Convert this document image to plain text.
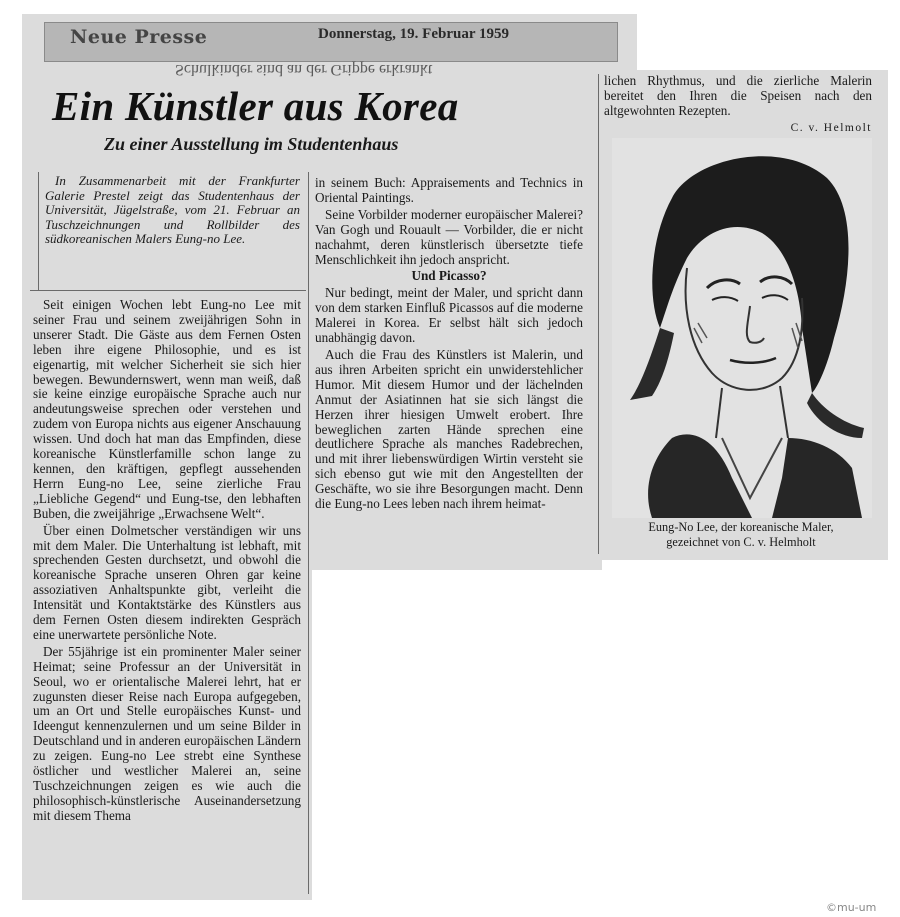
Neue Presse	Donnerstag, 19. Februar 1959
Schulkinder sind an der Grippe erkrankt
Ein Künstler aus Korea
Zu einer Ausstellung im Studentenhaus

In Zusammenarbeit mit der Frankfurter Galerie Prestel zeigt das Studentenhaus der Universität, Jügelstraße, vom 21. Februar an Tuschzeichnungen und Rollbilder des südkoreanischen Malers Eung-no Lee.

Seit einigen Wochen lebt Eung-no Lee mit seiner Frau und seinem zweijährigen Sohn in unserer Stadt. Die Gäste aus dem Fernen Osten leben ihre eigene Philosophie, und es ist eigenartig, mit welcher Sicherheit sie sich hier bewegen. Bewundernswert, wenn man weiß, daß sie keine einzige europäische Sprache auch nur andeutungsweise sprechen oder verstehen und zudem von Europa nichts aus eigener Anschauung wissen. Und doch hat man das Empfinden, diese koreanische Künstlerfamille schon lange zu kennen, den kräftigen, gepflegt aussehenden Herrn Eung-no Lee, seine zierliche Frau „Liebliche Gegend“ und Eung-tse, den lebhaften Buben, die zweijährige „Erwachsene Welt“.

Über einen Dolmetscher verständigen wir uns mit dem Maler. Die Unterhaltung ist lebhaft, mit sprechenden Gesten durchsetzt, und obwohl die koreanische Sprache unseren Ohren gar keine assoziativen Anhaltspunkte gibt, verleiht die Intensität und Kontaktstärke des Künstlers aus dem Fernen Osten diesem indirekten Gespräch eine unerwartete persönliche Note.

Der 55jährige ist ein prominenter Maler seiner Heimat; seine Professur an der Universität in Seoul, wo er orientalische Malerei lehrt, hat er zugunsten dieser Reise nach Europa aufgegeben, um an Ort und Stelle europäisches Kunst- und Ideengut kennenzulernen und um seine Bilder in Deutschland und in anderen europäischen Ländern zu zeigen. Eung-no Lee strebt eine Synthese östlicher und westlicher Malerei an, seine Tuschzeichnungen zeigen es wie auch die philosophisch-künstlerische Auseinandersetzung mit diesem Thema

in seinem Buch: Appraisements and Technics in Oriental Paintings.

Seine Vorbilder moderner europäischer Malerei? Van Gogh und Rouault — Vorbilder, die er nicht nachahmt, deren künstlerisch übersetzte tiefe Menschlichkeit ihn jedoch anspricht.

Und Picasso?

Nur bedingt, meint der Maler, und spricht dann von dem starken Einfluß Picassos auf die moderne Malerei in Korea. Er selbst hält sich jedoch unabhängig davon.

Auch die Frau des Künstlers ist Malerin, und aus ihren Arbeiten spricht ein unwiderstehlicher Humor. Mit diesem Humor und der lächelnden Anmut der Asiatinnen hat sie sich längst die Herzen ihrer hiesigen Umwelt erobert. Ihre beweglichen zarten Hände sprechen eine deutlichere Sprache als manches Radebrechen, und mit ihrer liebenswürdigen Wirtin versteht sie sich ebenso gut wie mit den Angestellten der Geschäfte, wo sie ihre Besorgungen macht. Denn die Eung-no Lees leben nach ihrem heimat-

lichen Rhythmus, und die zierliche Malerin bereitet den Ihren die Speisen nach den altgewohnten Rezepten.

C. v. Helmolt
Eung-No Lee, der koreanische Maler,
gezeichnet von C. v. Helmholt
©mu-um
